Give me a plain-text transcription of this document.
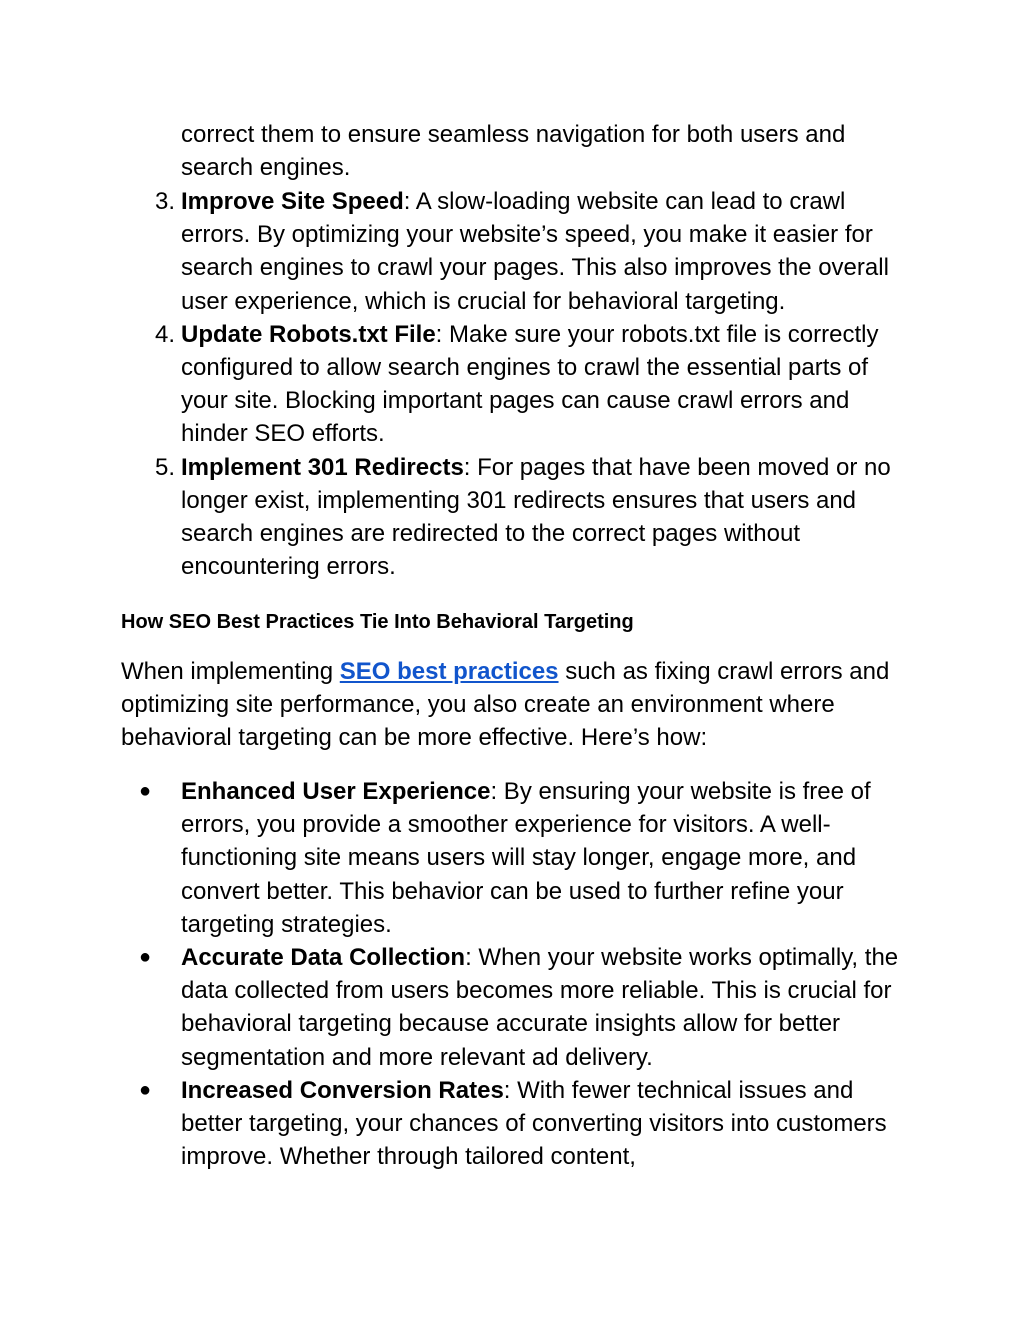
correct them to ensure seamless navigation for both users and search engines.
3. Improve Site Speed: A slow-loading website can lead to crawl errors. By optimizing your website’s speed, you make it easier for search engines to crawl your pages. This also improves the overall user experience, which is crucial for behavioral targeting.
4. Update Robots.txt File: Make sure your robots.txt file is correctly configured to allow search engines to crawl the essential parts of your site. Blocking important pages can cause crawl errors and hinder SEO efforts.
5. Implement 301 Redirects: For pages that have been moved or no longer exist, implementing 301 redirects ensures that users and search engines are redirected to the correct pages without encountering errors.
How SEO Best Practices Tie Into Behavioral Targeting

When implementing SEO best practices such as fixing crawl errors and optimizing site performance, you also create an environment where behavioral targeting can be more effective. Here’s how:

● Enhanced User Experience: By ensuring your website is free of errors, you provide a smoother experience for visitors. A well-functioning site means users will stay longer, engage more, and convert better. This behavior can be used to further refine your targeting strategies.
● Accurate Data Collection: When your website works optimally, the data collected from users becomes more reliable. This is crucial for behavioral targeting because accurate insights allow for better segmentation and more relevant ad delivery.
● Increased Conversion Rates: With fewer technical issues and better targeting, your chances of converting visitors into customers improve. Whether through tailored content,
